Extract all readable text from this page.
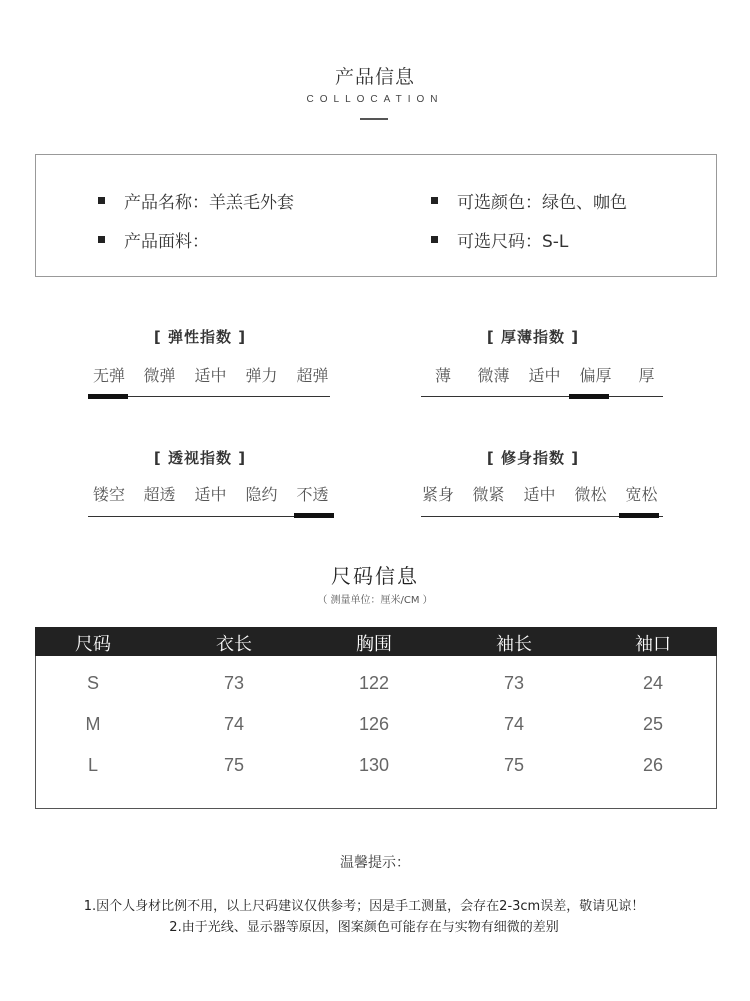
产品信息
COLLOCATION
产品名称：羊羔毛外套
产品面料：
可选颜色：绿色、咖色
可选尺码：S-L
[ 弹性指数 ]
无弹	微弹	适中	弹力	超弹
[ 厚薄指数 ]
薄	微薄	适中	偏厚	厚
[ 透视指数 ]
镂空	超透	适中	隐约	不透
[ 修身指数 ]
紧身	微紧	适中	微松	宽松
尺码信息
（ 测量单位：厘米/CM ）
尺码	衣长	胸围	袖长	袖口
S	73	122	73	24
M	74	126	74	25
L	75	130	75	26
温馨提示：
1.因个人身材比例不用，以上尺码建议仅供参考；因是手工测量，会存在2-3cm误差，敬请见谅！
2.由于光线、显示器等原因，图案颜色可能存在与实物有细微的差别
